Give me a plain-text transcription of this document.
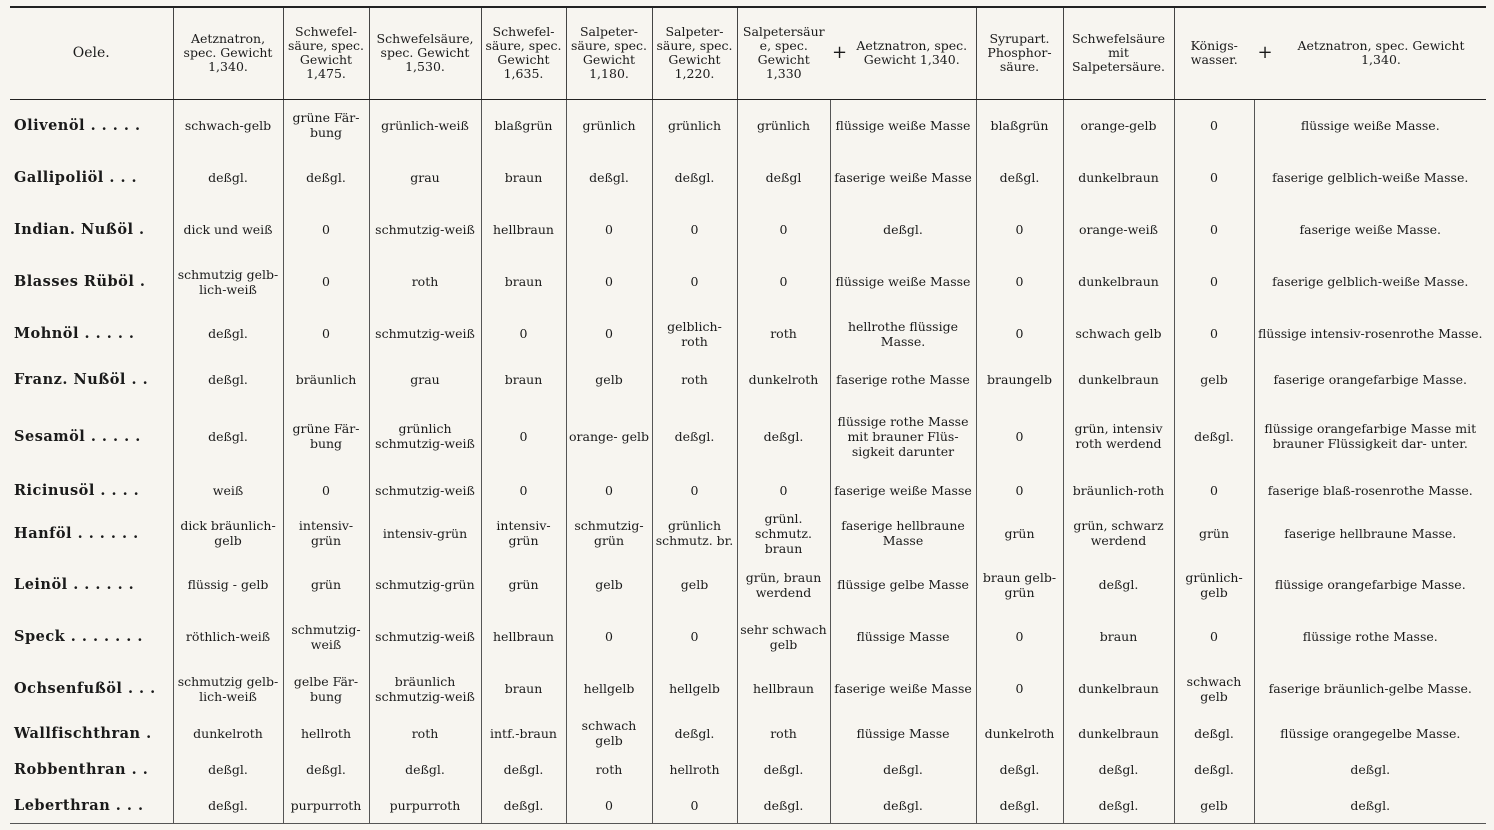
Oele.	Aetznatron, spec. Gewicht 1,340.	Schwefel- säure, spec. Gewicht 1,475.	Schwefelsäure, spec. Gewicht 1,530.	Schwefel- säure, spec. Gewicht 1,635.	Salpeter- säure, spec. Gewicht 1,180.	Salpeter- säure, spec. Gewicht 1,220.	Salpetersäure, spec. Gewicht 1,330	+	Aetznatron, spec. Gewicht 1,340.	Syrupart. Phosphor- säure.	Schwefelsäure mit Salpetersäure.	Königs- wasser.	+	Aetznatron, spec. Gewicht 1,340.
Olivenöl . . . . .	schwach-gelb	grüne Fär- bung	grünlich-weiß	blaßgrün	grünlich	grünlich	grünlich	flüssige weiße Masse		blaßgrün	orange-gelb	0	flüssige weiße Masse.	
Gallipoliöl . . .	deßgl.	deßgl.	grau	braun	deßgl.	deßgl.	deßgl	faserige weiße Masse		deßgl.	dunkelbraun	0	faserige gelblich-weiße Masse.	
Indian. Nußöl .	dick und weiß	0	schmutzig-weiß	hellbraun	0	0	0	deßgl.		0	orange-weiß	0	faserige weiße Masse.	
Blasses Rüböl .	schmutzig gelb- lich-weiß	0	roth	braun	0	0	0	flüssige weiße Masse		0	dunkelbraun	0	faserige gelblich-weiße Masse.	
Mohnöl . . . . .	deßgl.	0	schmutzig-weiß	0	0	gelblich- roth	roth	hellrothe flüssige Masse.		0	schwach gelb	0	flüssige intensiv-rosenrothe Masse.	
Franz. Nußöl . .	deßgl.	bräunlich	grau	braun	gelb	roth	dunkelroth	faserige rothe Masse		braungelb	dunkelbraun	gelb	faserige orangefarbige Masse.	
Sesamöl . . . . .	deßgl.	grüne Fär- bung	grünlich schmutzig-weiß	0	orange- gelb	deßgl.	deßgl.	flüssige rothe Masse mit brauner Flüs- sigkeit darunter		0	grün, intensiv roth werdend	deßgl.	flüssige orangefarbige Masse mit brauner Flüssigkeit dar- unter.	
Ricinusöl . . . .	weiß	0	schmutzig-weiß	0	0	0	0	faserige weiße Masse		0	bräunlich-roth	0	faserige blaß-rosenrothe Masse.	
Hanföl . . . . . .	dick bräunlich- gelb	intensiv- grün	intensiv-grün	intensiv- grün	schmutzig- grün	grünlich schmutz. br.	grünl. schmutz. braun	faserige hellbraune Masse		grün	grün, schwarz werdend	grün	faserige hellbraune Masse.	
Leinöl . . . . . .	flüssig - gelb	grün	schmutzig-grün	grün	gelb	gelb	grün, braun werdend	flüssige gelbe Masse		braun gelb- grün	deßgl.	grünlich- gelb	flüssige orangefarbige Masse.	
Speck . . . . . . .	röthlich-weiß	schmutzig- weiß	schmutzig-weiß	hellbraun	0	0	sehr schwach gelb	flüssige Masse		0	braun	0	flüssige rothe Masse.	
Ochsenfußöl . . .	schmutzig gelb- lich-weiß	gelbe Fär- bung	bräunlich schmutzig-weiß	braun	hellgelb	hellgelb	hellbraun	faserige weiße Masse		0	dunkelbraun	schwach gelb	faserige bräunlich-gelbe Masse.	
Wallfischthran .	dunkelroth	hellroth	roth	intf.-braun	schwach gelb	deßgl.	roth	flüssige Masse		dunkelroth	dunkelbraun	deßgl.	flüssige orangegelbe Masse.	
Robbenthran . .	deßgl.	deßgl.	deßgl.	deßgl.	roth	hellroth	deßgl.	deßgl.		deßgl.	deßgl.	deßgl.	deßgl.	
Leberthran . . .	deßgl.	purpurroth	purpurroth	deßgl.	0	0	deßgl.	deßgl.		deßgl.	deßgl.	gelb	deßgl.	
